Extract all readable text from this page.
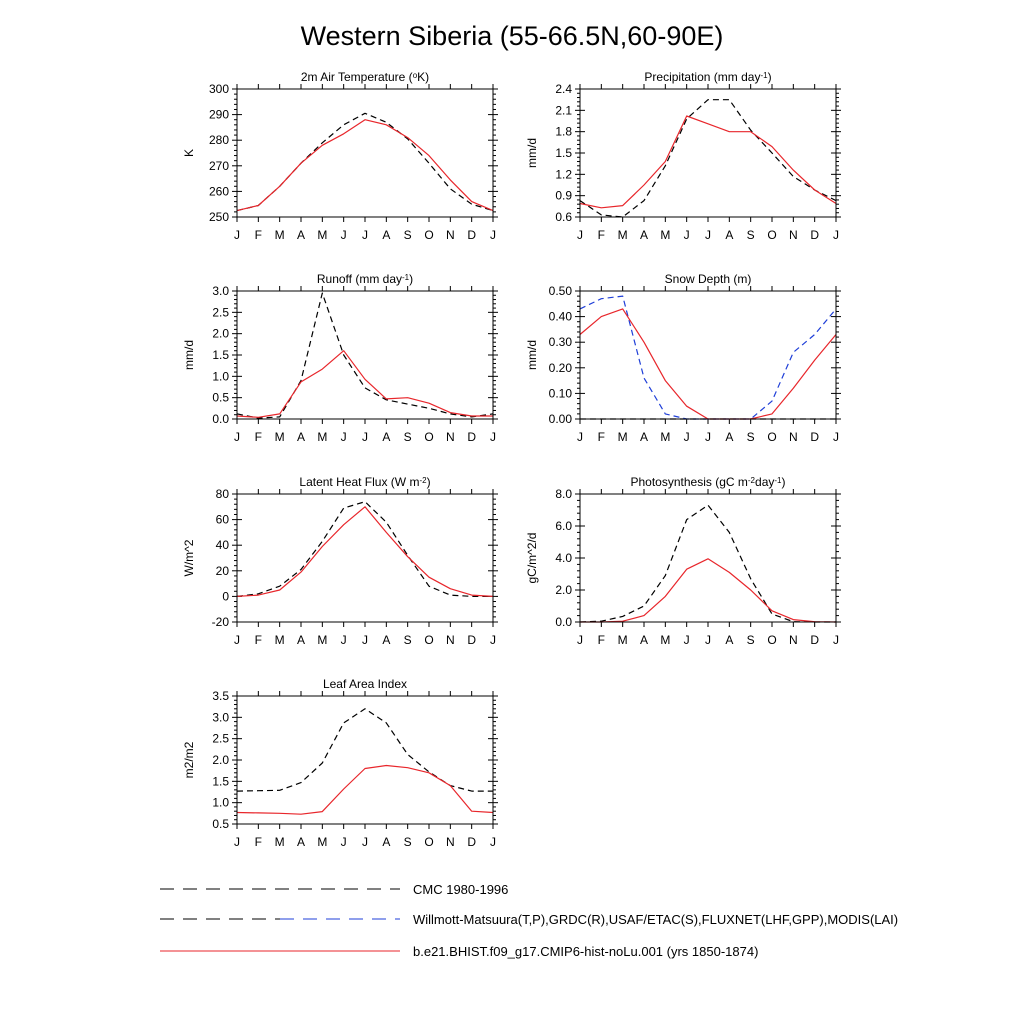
Western Siberia (55-66.5N,60-90E)
2m Air Temperature (oK)
K
250
260
270
280
290
300
J F M A M J J A S O N D J
Precipitation (mm day-1)
mm/d
0.6
0.9
1.2
1.5
1.8
2.1
2.4
J F M A M J J A S O N D J
Runoff (mm day-1)
mm/d
0.0
0.5
1.0
1.5
2.0
2.5
3.0
J F M A M J J A S O N D J
Snow Depth (m)
mm/d
0.00
0.10
0.20
0.30
0.40
0.50
J F M A M J J A S O N D J
Latent Heat Flux (W m-2)
W/m^2
-20
0
20
40
60
80
J F M A M J J A S O N D J
Photosynthesis (gC m-2day-1)
gC/m^2/d
0.0
2.0
4.0
6.0
8.0
J F M A M J J A S O N D J
Leaf Area Index
m2/m2
0.5
1.0
1.5
2.0
2.5
3.0
3.5
J F M A M J J A S O N D J
CMC 1980-1996
Willmott-Matsuura(T,P),GRDC(R),USAF/ETAC(S),FLUXNET(LHF,GPP),MODIS(LAI)
b.e21.BHIST.f09_g17.CMIP6-hist-noLu.001 (yrs 1850-1874)
